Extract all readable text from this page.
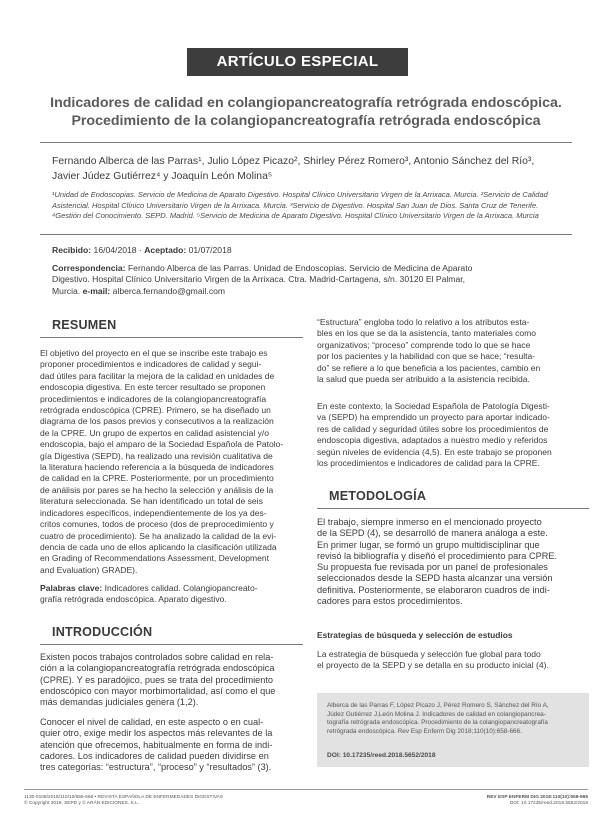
ARTÍCULO ESPECIAL
Indicadores de calidad en colangiopancreatografía retrógrada endoscópica.
Procedimiento de la colangiopancreatografía retrógrada endoscópica
Fernando Alberca de las Parras¹, Julio López Picazo², Shirley Pérez Romero³, Antonio Sánchez del Río³,
Javier Júdez Gutiérrez⁴ y Joaquín León Molina⁵
¹Unidad de Endoscopias. Servicio de Medicina de Aparato Digestivo. Hospital Clínico Universitario Virgen de la Arrixaca. Murcia. ²Servicio de Calidad
Asistencial. Hospital Clínico Universitario Virgen de la Arrixaca. Murcia. ³Servicio de Digestivo. Hospital San Juan de Dios. Santa Cruz de Tenerife.
⁴Gestión del Conocimiento. SEPD. Madrid. ⁵Servicio de Medicina de Aparato Digestivo. Hospital Clínico Universitario Virgen de la Arrixaca. Murcia
Recibido: 16/04/2018 · Aceptado: 01/07/2018
Correspondencia: Fernando Alberca de las Parras. Unidad de Endoscopias. Servicio de Medicina de Aparato
Digestivo. Hospital Clínico Universitario Virgen de la Arrixaca. Ctra. Madrid-Cartagena, s/n. 30120 El Palmar,
Murcia. e-mail: alberca.fernando@gmail.com
RESUMEN
El objetivo del proyecto en el que se inscribe este trabajo es
proponer procedimientos e indicadores de calidad y segui-
dad útiles para facilitar la mejora de la calidad en unidades de
endoscopia digestiva. En este tercer resultado se proponen
procedimientos e indicadores de la colangiopancreatografía
retrógrada endoscópica (CPRE). Primero, se ha diseñado un
diagrama de los pasos previos y consecutivos a la realización
de la CPRE. Un grupo de expertos en calidad asistencial y/o
endoscopia, bajo el amparo de la Sociedad Española de Patolo-
gía Digestiva (SEPD), ha realizado una revisión cualitativa de
la literatura haciendo referencia a la búsqueda de indicadores
de calidad en la CPRE. Posteriormente, por un procedimiento
de análisis por pares se ha hecho la selección y análisis de la
literatura seleccionada. Se han identificado un total de seis
indicadores específicos, independientemente de los ya des-
critos comunes, todos de proceso (dos de preprocedimiento y
cuatro de procedimiento). Se ha analizado la calidad de la evi-
dencia de cada uno de ellos aplicando la clasificación utilizada
en Grading of Recommendations Assessment, Development
and Evaluation) GRADE).
Palabras clave: Indicadores calidad. Colangiopancreato-
grafía retrógrada endoscópica. Aparato digestivo.
INTRODUCCIÓN
Existen pocos trabajos controlados sobre calidad en rela-
ción a la colangiopancreatografía retrógrada endoscópica
(CPRE). Y es paradójico, pues se trata del procedimiento
endoscópico con mayor morbimortalidad, así como el que
más demandas judiciales genera (1,2).
Conocer el nivel de calidad, en este aspecto o en cual-
quier otro, exige medir los aspectos más relevantes de la
atención que ofrecemos, habitualmente en forma de indi-
cadores. Los indicadores de calidad pueden dividirse en
tres categorías: “estructura”, “proceso” y “resultados” (3).
“Estructura” engloba todo lo relativo a los atributos esta-
bles en los que se da la asistencia, tanto materiales como
organizativos; “proceso” comprende todo lo que se hace
por los pacientes y la habilidad con que se hace; “resulta-
do” se refiere a lo que beneficia a los pacientes, cambio en
la salud que pueda ser atribuido a la asistencia recibida.
En este contexto, la Sociedad Española de Patología Digesti-
va (SEPD) ha emprendido un proyecto para aportar indicado-
res de calidad y seguridad útiles sobre los procedimientos de
endoscopia digestiva, adaptados a nuestro medio y referidos
según niveles de evidencia (4,5). En este trabajo se proponen
los procedimientos e indicadores de calidad para la CPRE.
METODOLOGÍA
El trabajo, siempre inmerso en el mencionado proyecto
de la SEPD (4), se desarrolló de manera análoga a este.
En primer lugar, se formó un grupo multidisciplinar que
revisó la bibliografía y diseñó el procedimiento para CPRE.
Su propuesta fue revisada por un panel de profesionales
seleccionados desde la SEPD hasta alcanzar una versión
definitiva. Posteriormente, se elaboraron cuadros de indi-
cadores para estos procedimientos.
Estrategias de búsqueda y selección de estudios
La estrategia de búsqueda y selección fue global para todo
el proyecto de la SEPD y se detalla en su producto inicial (4).
Alberca de las Parras F, López Picazo J, Pérez Romero S, Sánchez del Río A,
Júdez Gutiérrez J,León Molina J. Indicadores de calidad en colangiopancrea-
tografía retrógrada endoscópica. Procedimiento de la colangiopancreatografía
retrógrada endoscópica. Rev Esp Enferm Dig 2018;110(10):658-666.
DOI: 10.17235/reed.2018.5652/2018
1130-0108/2018/110/10/658-666 • REVISTA ESPAÑOLA DE ENFERMEDADES DIGESTIVAS
© Copyright 2018. SEPD y © ARÁN EDICIONES, S.L.
REV ESP ENFERM DIG 2018:110(10):658-666
DOI: 10.17235/reed.2018.5652/2018
